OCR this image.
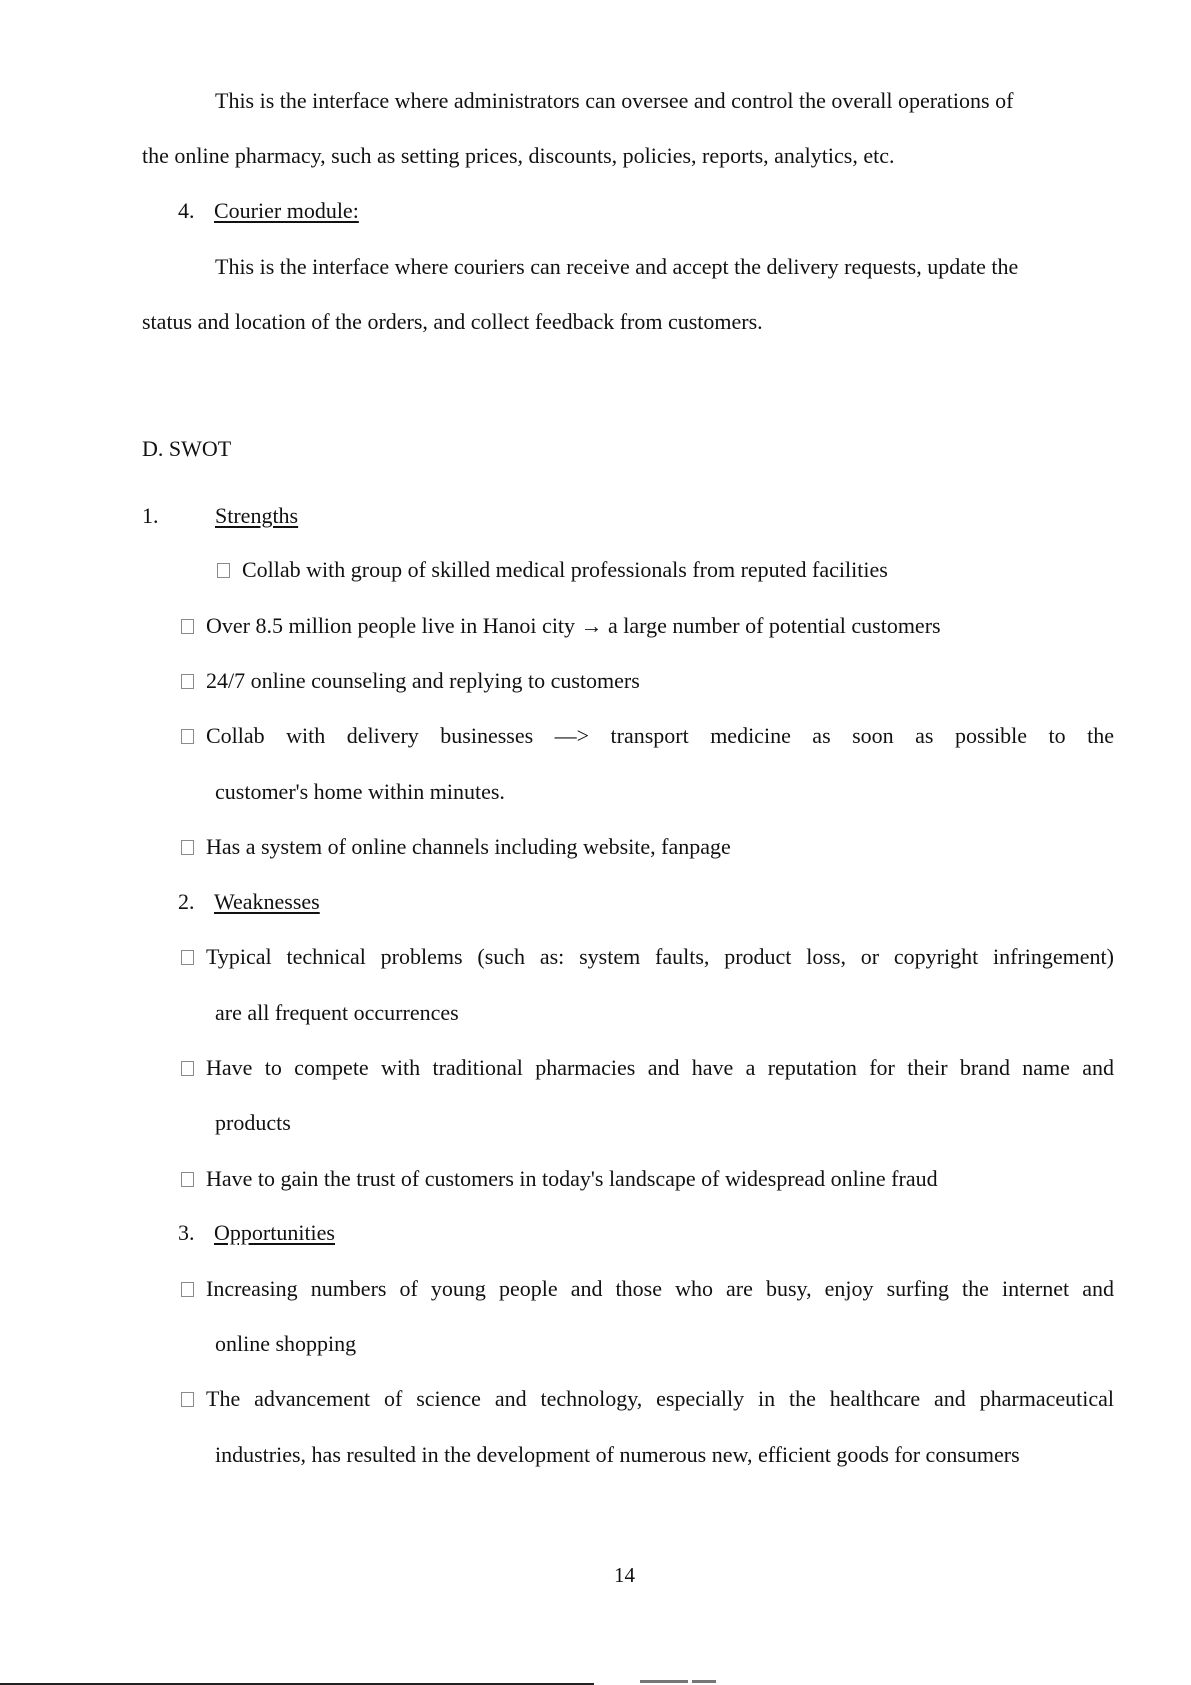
This is the interface where administrators can oversee and control the overall operations of
the online pharmacy, such as setting prices, discounts, policies, reports, analytics, etc.
4. Courier module:
This is the interface where couriers can receive and accept the delivery requests, update the
status and location of the orders, and collect feedback from customers.
D. SWOT
1.	Strengths
Collab with group of skilled medical professionals from reputed facilities
Over 8.5 million people live in Hanoi city → a large number of potential customers
24/7 online counseling and replying to customers
Collab with delivery businesses —> transport medicine as soon as possible to the
customer's home within minutes.
Has a system of online channels including website, fanpage
2. Weaknesses
Typical technical problems (such as: system faults, product loss, or copyright infringement)
are all frequent occurrences
Have to compete with traditional pharmacies and have a reputation for their brand name and
products
Have to gain the trust of customers in today's landscape of widespread online fraud
3. Opportunities
Increasing numbers of young people and those who are busy, enjoy surfing the internet and
online shopping
The advancement of science and technology, especially in the healthcare and pharmaceutical
industries, has resulted in the development of numerous new, efficient goods for consumers
14
